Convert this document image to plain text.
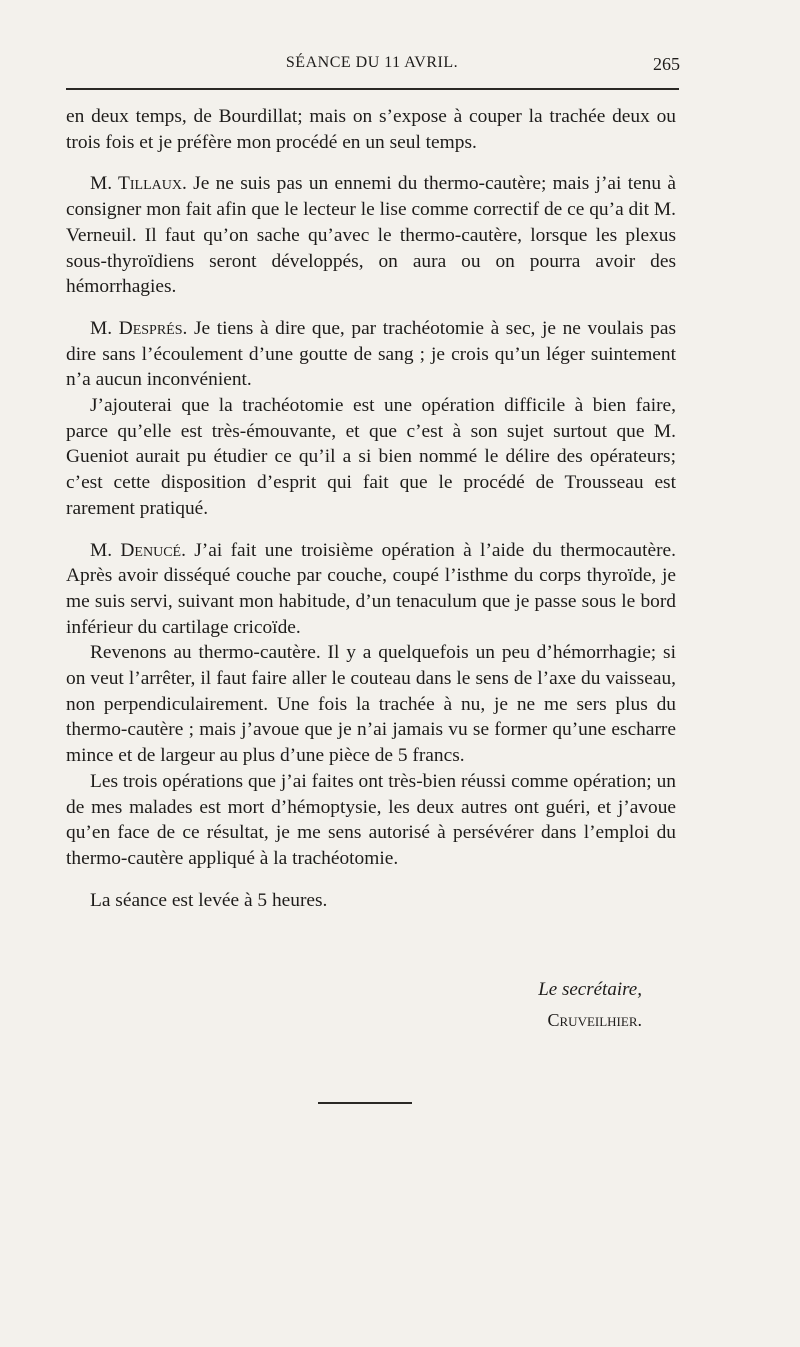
SÉANCE DU 11 AVRIL.	265

en deux temps, de Bourdillat; mais on s’expose à couper la trachée deux ou trois fois et je préfère mon procédé en un seul temps.

M. Tillaux. Je ne suis pas un ennemi du thermo-cautère; mais j’ai tenu à consigner mon fait afin que le lecteur le lise comme correctif de ce qu’a dit M. Verneuil. Il faut qu’on sache qu’avec le thermo-cautère, lorsque les plexus sous-thyroïdiens seront développés, on aura ou on pourra avoir des hémorrhagies.

M. Després. Je tiens à dire que, par trachéotomie à sec, je ne voulais pas dire sans l’écoulement d’une goutte de sang ; je crois qu’un léger suintement n’a aucun inconvénient.

J’ajouterai que la trachéotomie est une opération difficile à bien faire, parce qu’elle est très-émouvante, et que c’est à son sujet surtout que M. Gueniot aurait pu étudier ce qu’il a si bien nommé le délire des opérateurs; c’est cette disposition d’esprit qui fait que le procédé de Trousseau est rarement pratiqué.

M. Denucé. J’ai fait une troisième opération à l’aide du thermocautère. Après avoir disséqué couche par couche, coupé l’isthme du corps thyroïde, je me suis servi, suivant mon habitude, d’un tenaculum que je passe sous le bord inférieur du cartilage cricoïde.

Revenons au thermo-cautère. Il y a quelquefois un peu d’hémorrhagie; si on veut l’arrêter, il faut faire aller le couteau dans le sens de l’axe du vaisseau, non perpendiculairement. Une fois la trachée à nu, je ne me sers plus du thermo-cautère ; mais j’avoue que je n’ai jamais vu se former qu’une escharre mince et de largeur au plus d’une pièce de 5 francs.

Les trois opérations que j’ai faites ont très-bien réussi comme opération; un de mes malades est mort d’hémoptysie, les deux autres ont guéri, et j’avoue qu’en face de ce résultat, je me sens autorisé à persévérer dans l’emploi du thermo-cautère appliqué à la trachéotomie.

La séance est levée à 5 heures.

Le secrétaire,
Cruveilhier.
